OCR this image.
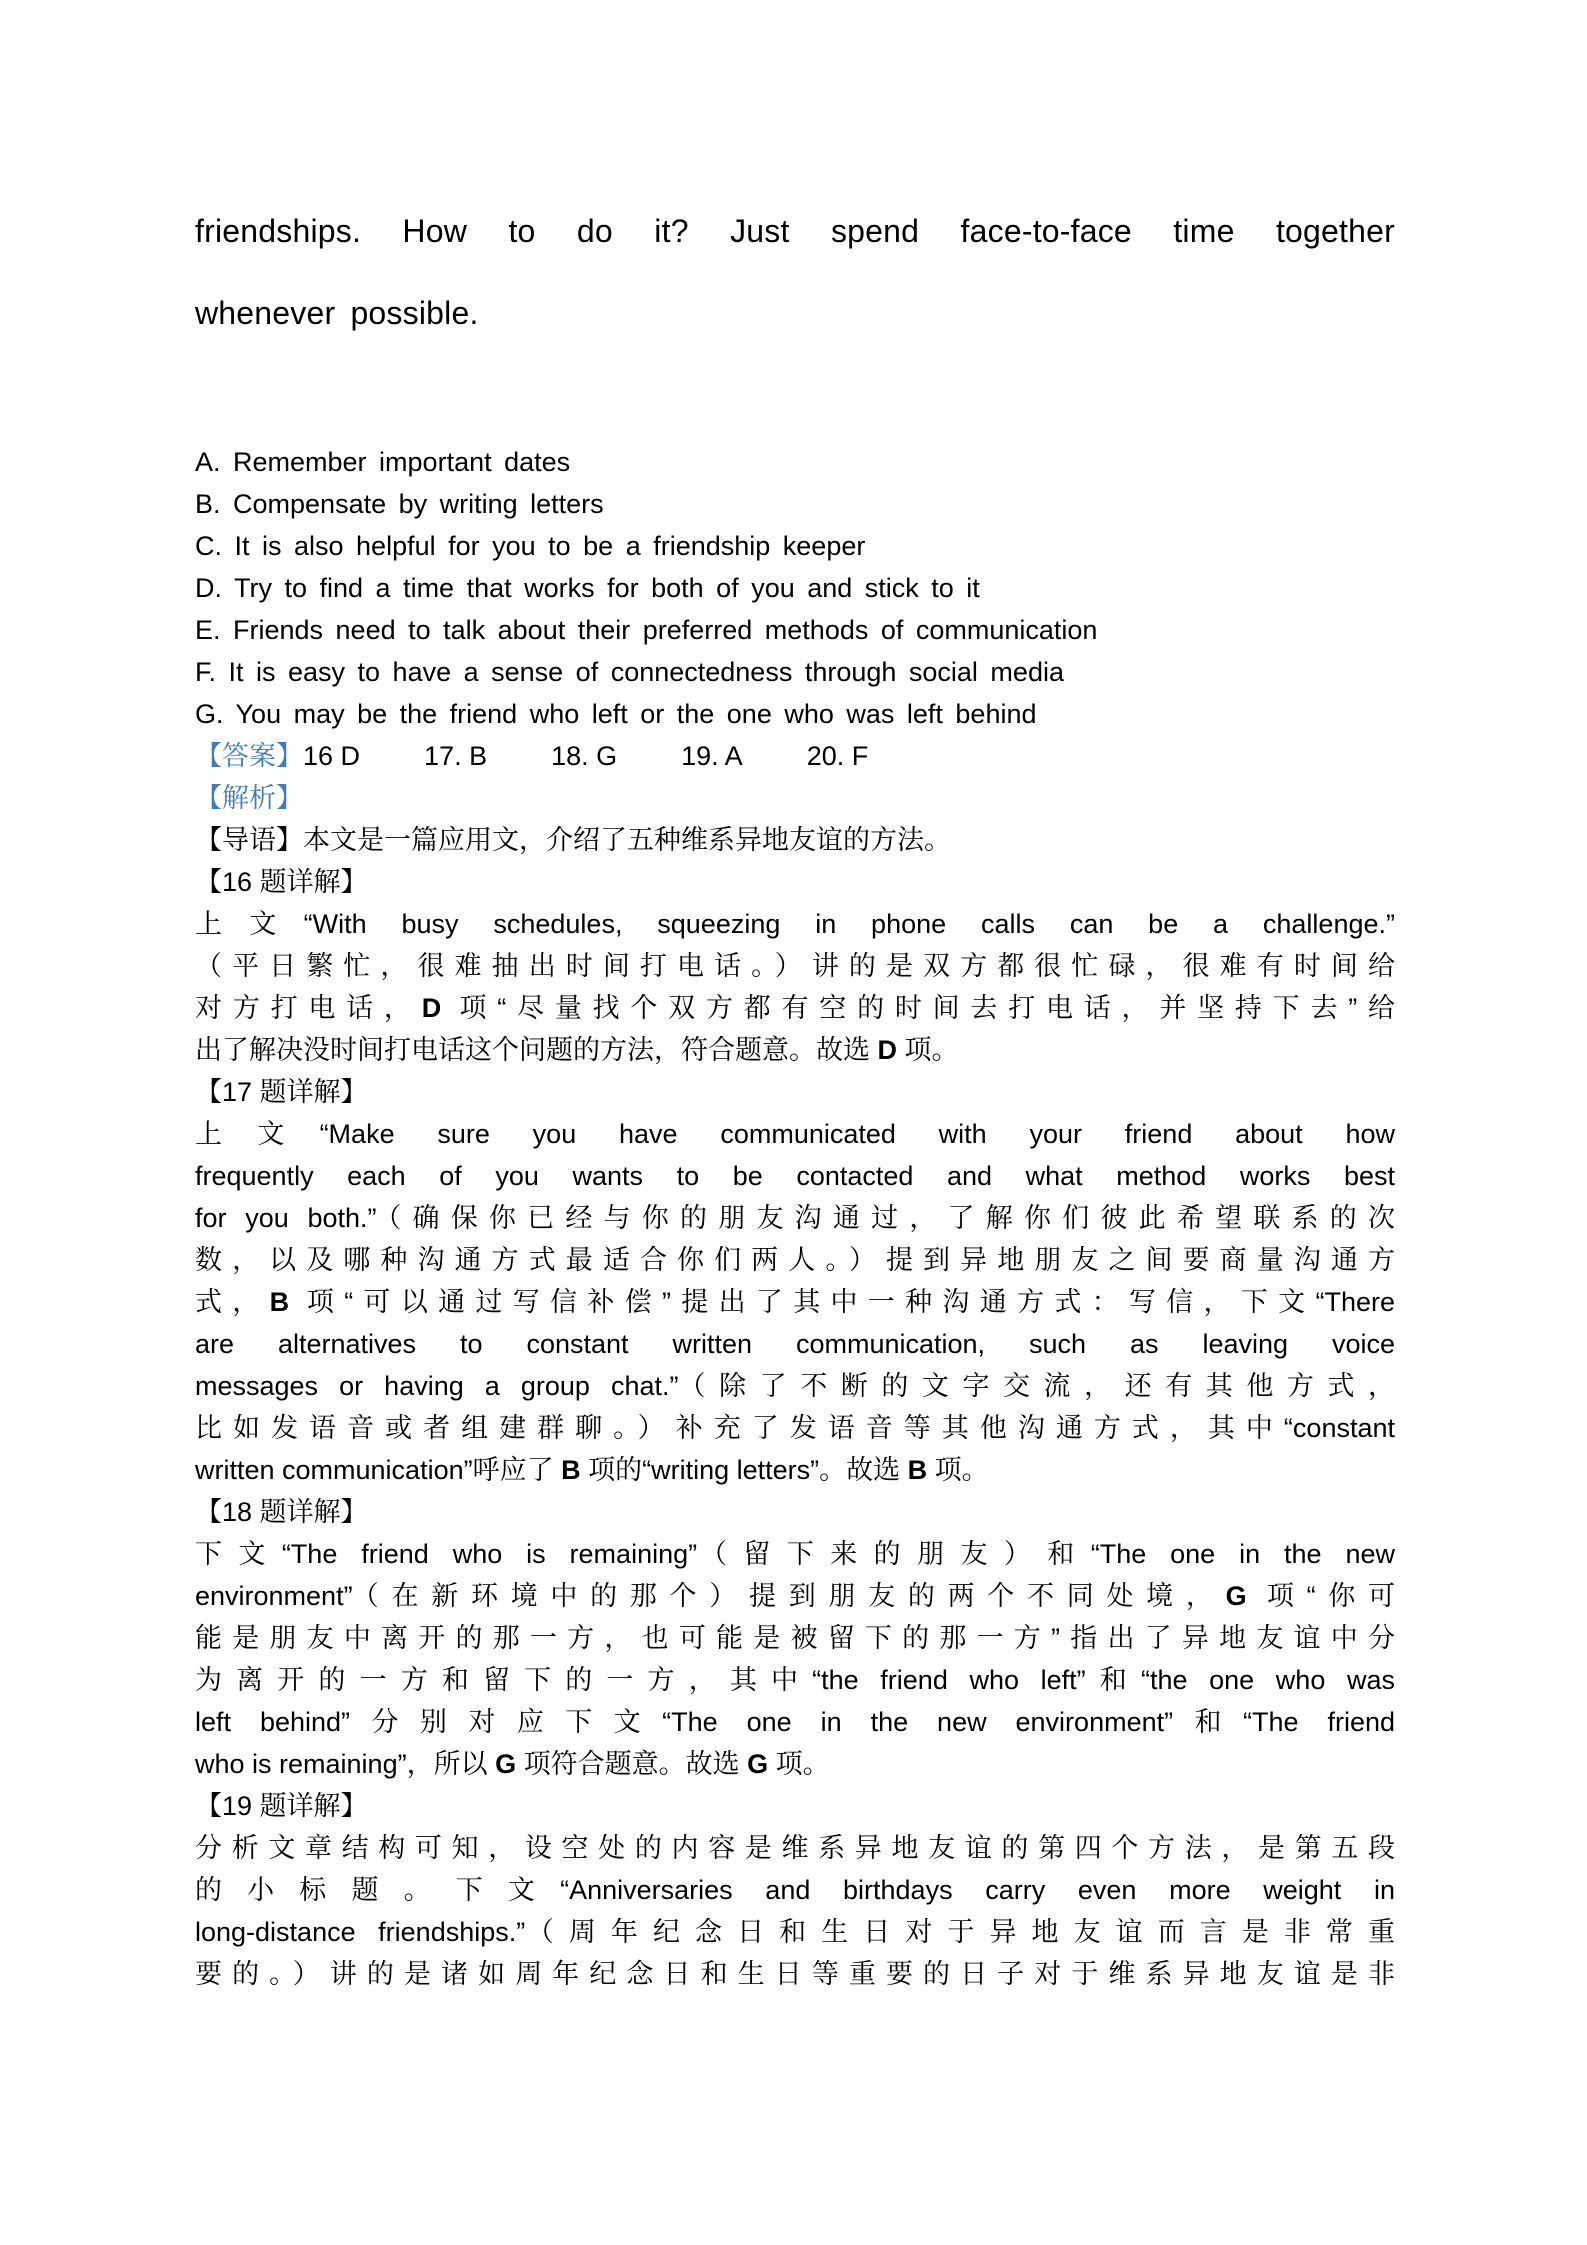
friendships. How to do it? Just spend face-to-face time together
whenever possible.
A. Remember important dates
B. Compensate by writing letters
C. It is also helpful for you to be a friendship keeper
D. Try to find a time that works for both of you and stick to it
E. Friends need to talk about their preferred methods of communication
F. It is easy to have a sense of connectedness through social media
G. You may be the friend who left or the one who was left behind
【答案】16 D 17. B 18. G 19. A 20. F
【解析】
【导语】本文是一篇应用文，介绍了五种维系异地友谊的方法。
【16 题详解】
上文“With busy schedules, squeezing in phone calls can be a challenge.”
（平日繁忙，很难抽出时间打电话。）讲的是双方都很忙碌，很难有时间给
对方打电话，D 项“尽量找个双方都有空的时间去打电话，并坚持下去”给
出了解决没时间打电话这个问题的方法，符合题意。故选 D 项。
【17 题详解】
上文“Make sure you have communicated with your friend about how
frequently each of you wants to be contacted and what method works best
for you both.”（确保你已经与你的朋友沟通过，了解你们彼此希望联系的次
数，以及哪种沟通方式最适合你们两人。）提到异地朋友之间要商量沟通方
式，B 项“可以通过写信补偿”提出了其中一种沟通方式：写信，下文“There
are alternatives to constant written communication, such as leaving voice
messages or having a group chat.”（除了不断的文字交流，还有其他方式，
比如发语音或者组建群聊。）补充了发语音等其他沟通方式，其中“constant
written communication”呼应了 B 项的“writing letters”。故选 B 项。
【18 题详解】
下文“The friend who is remaining”（留下来的朋友）和“The one in the new
environment”（在新环境中的那个）提到朋友的两个不同处境，G 项“你可
能是朋友中离开的那一方，也可能是被留下的那一方”指出了异地友谊中分
为离开的一方和留下的一方，其中“the friend who left”和“the one who was
left behind”分别对应下文“The one in the new environment”和“The friend
who is remaining”，所以 G 项符合题意。故选 G 项。
【19 题详解】
分析文章结构可知，设空处的内容是维系异地友谊的第四个方法，是第五段
的小标题。下文“Anniversaries and birthdays carry even more weight in
long-distance friendships.”（周年纪念日和生日对于异地友谊而言是非常重
要的。）讲的是诸如周年纪念日和生日等重要的日子对于维系异地友谊是非
